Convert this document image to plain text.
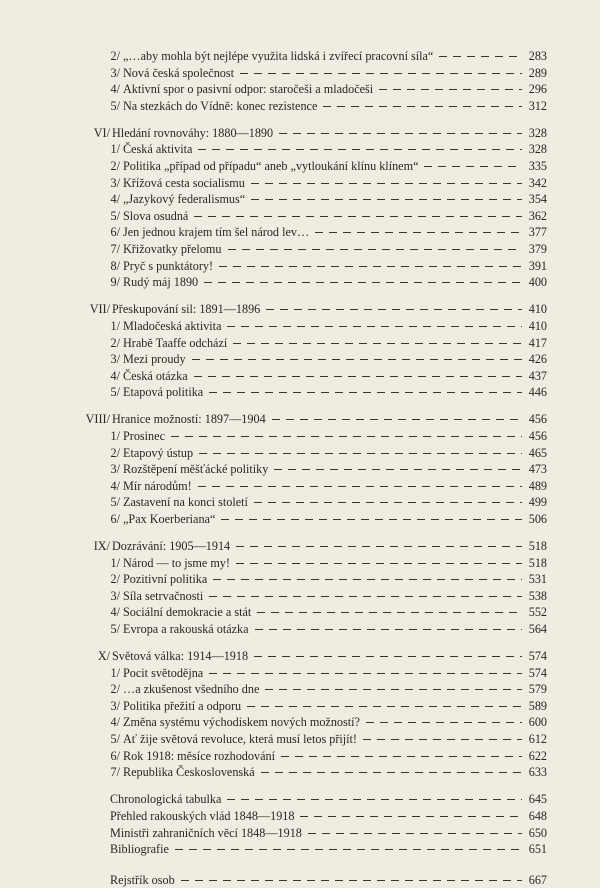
2/ „…aby mohla být nejlépe využita lidská i zvířecí pracovní síla“	283
3/ Nová česká společnost	289
4/ Aktivní spor o pasivní odpor: staročeši a mladočeši	296
5/ Na stezkách do Vídně: konec rezistence	312
VI/ Hledání rovnováhy: 1880—1890	328
1/ Česká aktivita	328
2/ Politika „případ od případu“ aneb „vytloukání klínu klínem“	335
3/ Křížová cesta socialismu	342
4/ „Jazykový federalismus“	354
5/ Slova osudná	362
6/ Jen jednou krajem tím šel národ lev…	377
7/ Křižovatky přelomu	379
8/ Pryč s punktátory!	391
9/ Rudý máj 1890	400
VII/ Přeskupování sil: 1891—1896	410
1/ Mladočeská aktivita	410
2/ Hrabě Taaffe odchází	417
3/ Mezi proudy	426
4/ Česká otázka	437
5/ Etapová politika	446
VIII/ Hranice možností: 1897—1904	456
1/ Prosinec	456
2/ Etapový ústup	465
3/ Rozštěpení měšťácké politiky	473
4/ Mír národům!	489
5/ Zastavení na konci století	499
6/ „Pax Koerberiana“	506
IX/ Dozrávání: 1905—1914	518
1/ Národ — to jsme my!	518
2/ Pozitivní politika	531
3/ Síla setrvačnosti	538
4/ Sociální demokracie a stát	552
5/ Evropa a rakouská otázka	564
X/ Světová válka: 1914—1918	574
1/ Pocit světodějna	574
2/ …a zkušenost všedního dne	579
3/ Politika přežití a odporu	589
4/ Změna systému východiskem nových možností?	600
5/ Ať žije světová revoluce, která musí letos přijít!	612
6/ Rok 1918: měsíce rozhodování	622
7/ Republika Československá	633
Chronologická tabulka	645
Přehled rakouských vlád 1848—1918	648
Ministři zahraničních věcí 1848—1918	650
Bibliografie	651
Rejstřík osob	667
